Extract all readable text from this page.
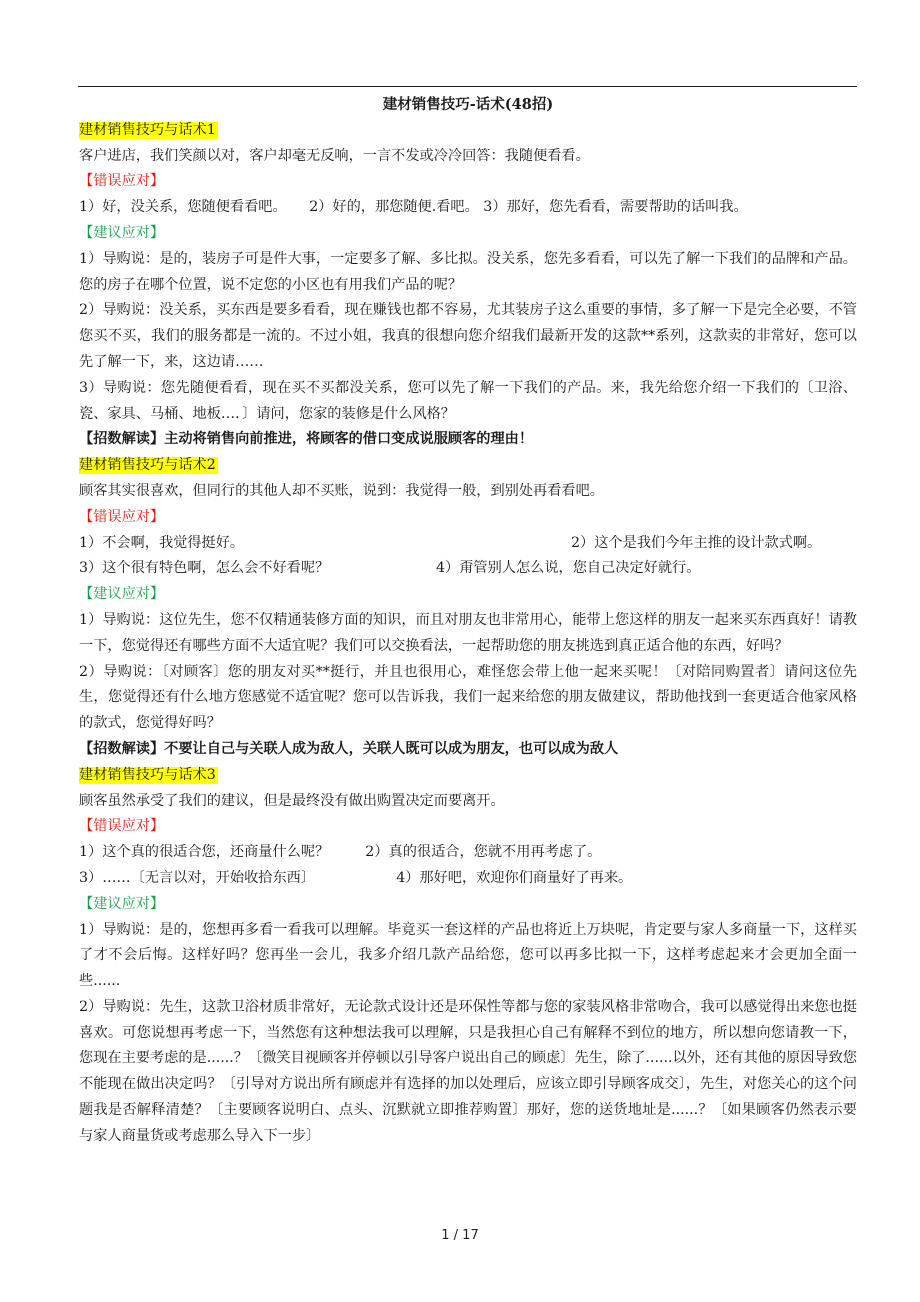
建材销售技巧-话术(48招)

建材销售技巧与话术1

客户进店，我们笑颜以对，客户却毫无反响，一言不发或冷冷回答：我随便看看。

【错误应对】

1）好，没关系，您随便看看吧。     2）好的，那您随便.看吧。 3）那好，您先看看，需要帮助的话叫我。

【建议应对】

1）导购说：是的，装房子可是件大事，一定要多了解、多比拟。没关系，您先多看看，可以先了解一下我们的品牌和产品。您的房子在哪个位置，说不定您的小区也有用我们产品的呢？

2）导购说：没关系，买东西是要多看看，现在赚钱也都不容易，尤其装房子这么重要的事情，多了解一下是完全必要，不管您买不买，我们的服务都是一流的。不过小姐，我真的很想向您介绍我们最新开发的这款**系列，这款卖的非常好，您可以先了解一下，来，这边请……

3）导购说：您先随便看看，现在买不买都没关系，您可以先了解一下我们的产品。来，我先给您介绍一下我们的〔卫浴、瓷、家具、马桶、地板…．〕请问，您家的装修是什么风格？

【招数解读】主动将销售向前推进，将顾客的借口变成说服顾客的理由！

建材销售技巧与话术2

顾客其实很喜欢，但同行的其他人却不买账，说到：我觉得一般，到别处再看看吧。

【错误应对】

1）不会啊，我觉得挺好。	2）这个是我们今年主推的设计款式啊。

3）这个很有特色啊，怎么会不好看呢？	4）甭管别人怎么说，您自己决定好就行。

【建议应对】

1）导购说：这位先生，您不仅精通装修方面的知识，而且对朋友也非常用心，能带上您这样的朋友一起来买东西真好！请教一下，您觉得还有哪些方面不大适宜呢？我们可以交换看法，一起帮助您的朋友挑选到真正适合他的东西，好吗？

2）导购说：〔对顾客〕您的朋友对买**挺行，并且也很用心，难怪您会带上他一起来买呢！〔对陪同购置者〕请问这位先生，您觉得还有什么地方您感觉不适宜呢？您可以告诉我，我们一起来给您的朋友做建议，帮助他找到一套更适合他家风格的款式，您觉得好吗？

【招数解读】不要让自己与关联人成为敌人，关联人既可以成为朋友，也可以成为敌人

建材销售技巧与话术3

顾客虽然承受了我们的建议，但是最终没有做出购置决定而要离开。

【错误应对】

1）这个真的很适合您，还商量什么呢？        2）真的很适合，您就不用再考虑了。

3）……〔无言以对，开始收拾东西〕                  4）那好吧，欢迎你们商量好了再来。

【建议应对】

1）导购说：是的，您想再多看一看我可以理解。毕竟买一套这样的产品也将近上万块呢，肯定要与家人多商量一下，这样买了才不会后悔。这样好吗？您再坐一会儿，我多介绍几款产品给您，您可以再多比拟一下，这样考虑起来才会更加全面一些......

2）导购说：先生，这款卫浴材质非常好，无论款式设计还是环保性等都与您的家装风格非常吻合，我可以感觉得出来您也挺喜欢。可您说想再考虑一下，当然您有这种想法我可以理解，只是我担心自己有解释不到位的地方，所以想向您请教一下，您现在主要考虑的是......？〔微笑目视顾客并停顿以引导客户说出自己的顾虑〕先生，除了......以外，还有其他的原因导致您不能现在做出决定吗？〔引导对方说出所有顾虑并有选择的加以处理后，应该立即引导顾客成交〕，先生，对您关心的这个问题我是否解释清楚？〔主要顾客说明白、点头、沉默就立即推荐购置〕那好，您的送货地址是......？〔如果顾客仍然表示要与家人商量货或考虑那么导入下一步〕

1 / 17
